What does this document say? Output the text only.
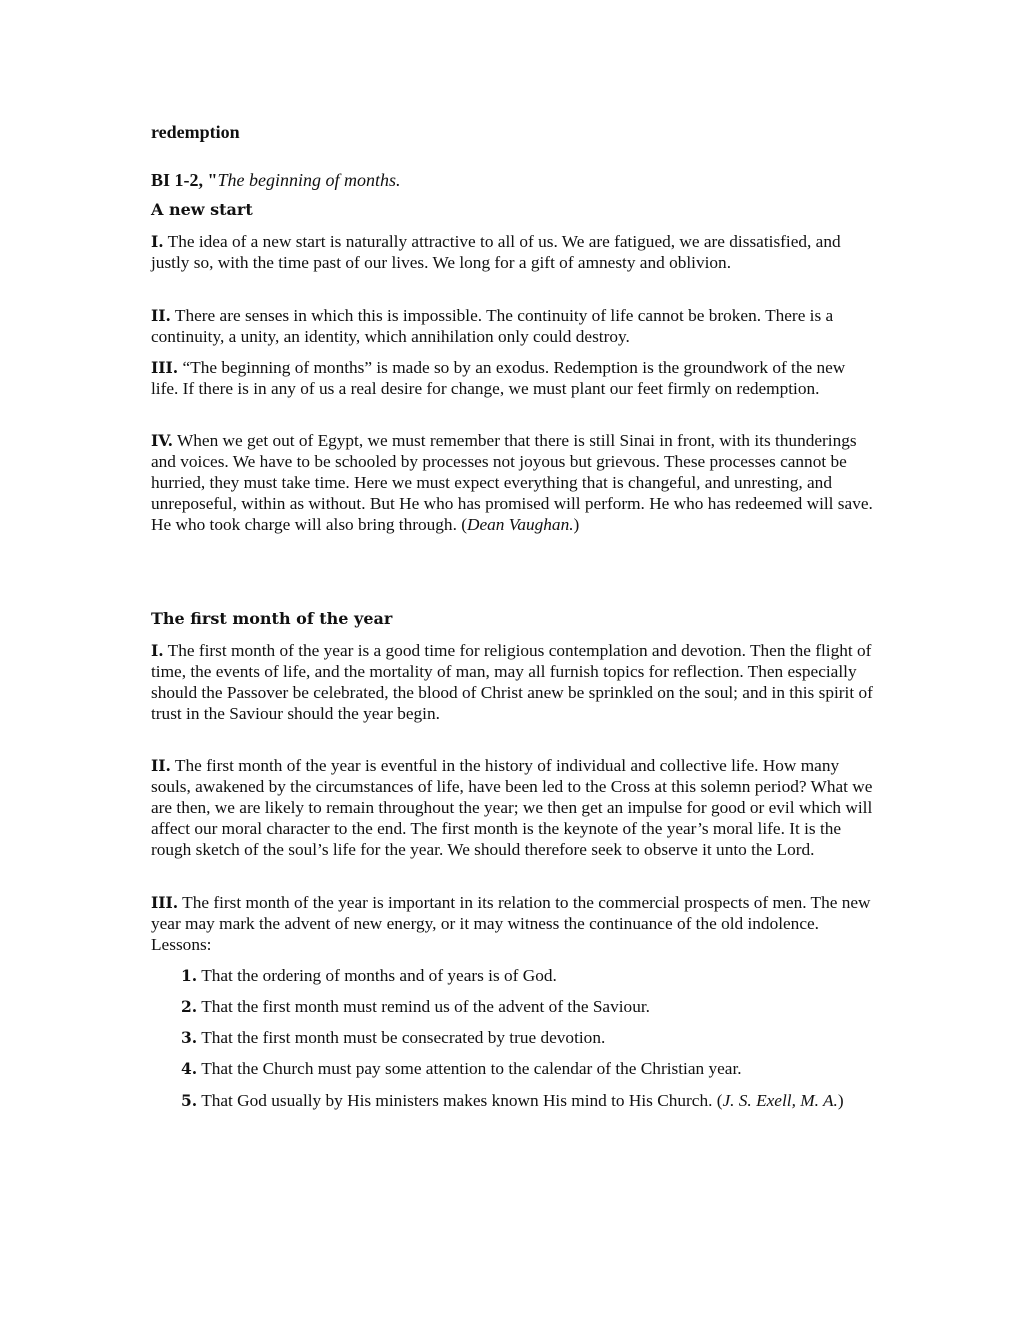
redemption
BI 1-2, "The beginning of months.
A new start
I. The idea of a new start is naturally attractive to all of us. We are fatigued, we are dissatisfied, and justly so, with the time past of our lives. We long for a gift of amnesty and oblivion.
II. There are senses in which this is impossible. The continuity of life cannot be broken. There is a continuity, a unity, an identity, which annihilation only could destroy.
III. “The beginning of months” is made so by an exodus. Redemption is the groundwork of the new life. If there is in any of us a real desire for change, we must plant our feet firmly on redemption.
IV. When we get out of Egypt, we must remember that there is still Sinai in front, with its thunderings and voices. We have to be schooled by processes not joyous but grievous. These processes cannot be hurried, they must take time. Here we must expect everything that is changeful, and unresting, and unreposeful, within as without. But He who has promised will perform. He who has redeemed will save. He who took charge will also bring through. (Dean Vaughan.)
The first month of the year
I. The first month of the year is a good time for religious contemplation and devotion. Then the flight of time, the events of life, and the mortality of man, may all furnish topics for reflection. Then especially should the Passover be celebrated, the blood of Christ anew be sprinkled on the soul; and in this spirit of trust in the Saviour should the year begin.
II. The first month of the year is eventful in the history of individual and collective life. How many souls, awakened by the circumstances of life, have been led to the Cross at this solemn period? What we are then, we are likely to remain throughout the year; we then get an impulse for good or evil which will affect our moral character to the end. The first month is the keynote of the year’s moral life. It is the rough sketch of the soul’s life for the year. We should therefore seek to observe it unto the Lord.
III. The first month of the year is important in its relation to the commercial prospects of men. The new year may mark the advent of new energy, or it may witness the continuance of the old indolence. Lessons:
1. That the ordering of months and of years is of God.
2. That the first month must remind us of the advent of the Saviour.
3. That the first month must be consecrated by true devotion.
4. That the Church must pay some attention to the calendar of the Christian year.
5. That God usually by His ministers makes known His mind to His Church. (J. S. Exell, M. A.)
